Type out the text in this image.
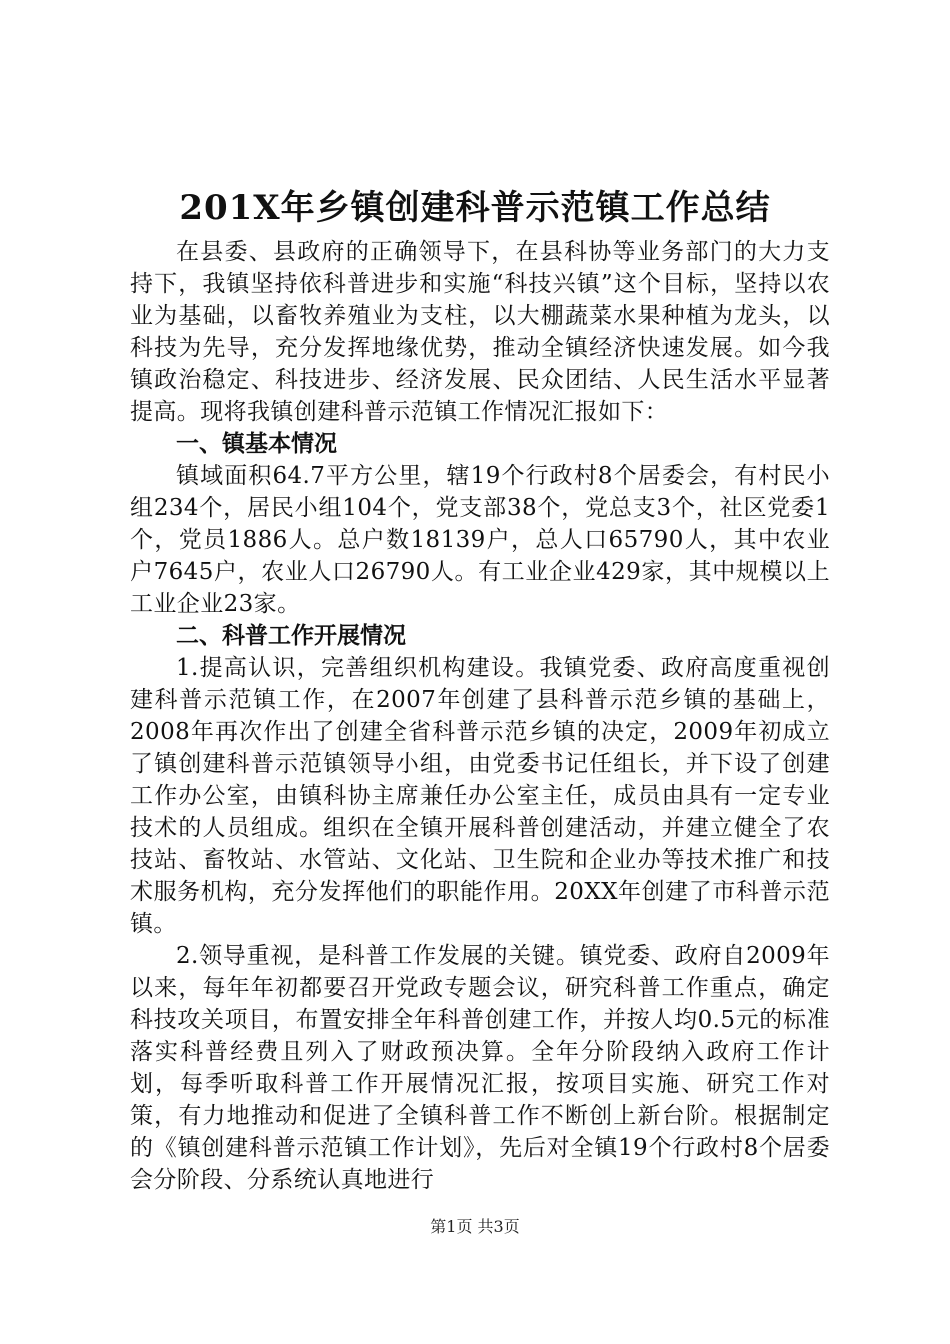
201X年乡镇创建科普示范镇工作总结

在县委、县政府的正确领导下，在县科协等业务部门的大力支持下，我镇坚持依科普进步和实施“科技兴镇”这个目标，坚持以农业为基础，以畜牧养殖业为支柱，以大棚蔬菜水果种植为龙头，以科技为先导，充分发挥地缘优势，推动全镇经济快速发展。如今我镇政治稳定、科技进步、经济发展、民众团结、人民生活水平显著提高。现将我镇创建科普示范镇工作情况汇报如下：

一、镇基本情况

镇域面积64.7平方公里，辖19个行政村8个居委会，有村民小组234个，居民小组104个，党支部38个，党总支3个，社区党委1个，党员1886人。总户数18139户，总人口65790人，其中农业户7645户，农业人口26790人。有工业企业429家，其中规模以上工业企业23家。

二、科普工作开展情况

1.提高认识，完善组织机构建设。我镇党委、政府高度重视创建科普示范镇工作，在2007年创建了县科普示范乡镇的基础上，2008年再次作出了创建全省科普示范乡镇的决定，2009年初成立了镇创建科普示范镇领导小组，由党委书记任组长，并下设了创建工作办公室，由镇科协主席兼任办公室主任，成员由具有一定专业技术的人员组成。组织在全镇开展科普创建活动，并建立健全了农技站、畜牧站、水管站、文化站、卫生院和企业办等技术推广和技术服务机构，充分发挥他们的职能作用。20XX年创建了市科普示范镇。

2.领导重视，是科普工作发展的关键。镇党委、政府自2009年以来，每年年初都要召开党政专题会议，研究科普工作重点，确定科技攻关项目，布置安排全年科普创建工作，并按人均0.5元的标准落实科普经费且列入了财政预决算。全年分阶段纳入政府工作计划，每季听取科普工作开展情况汇报，按项目实施、研究工作对策，有力地推动和促进了全镇科普工作不断创上新台阶。根据制定的《镇创建科普示范镇工作计划》，先后对全镇19个行政村8个居委会分阶段、分系统认真地进行

第1页 共3页
